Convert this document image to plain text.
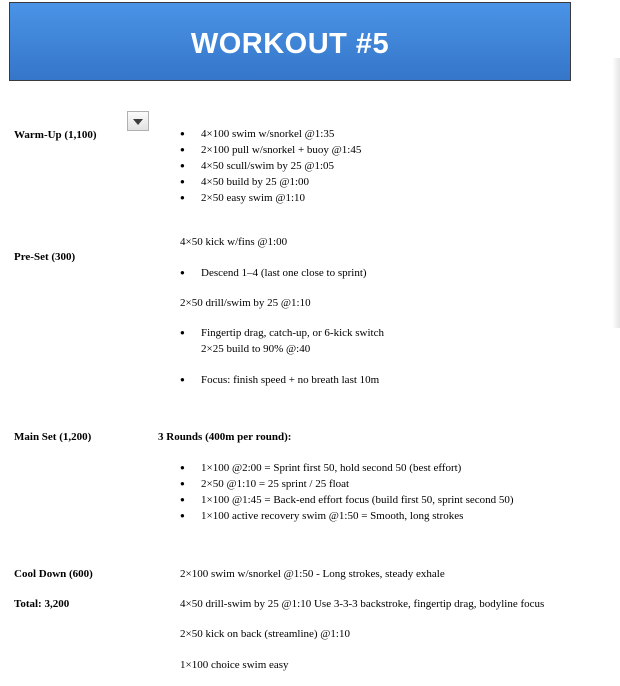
WORKOUT #5
Warm-Up (1,100)
●	4×100 swim w/snorkel @1:35
● 2×100 pull w/snorkel + buoy @1:45
● 4×50 scull/swim by 25 @1:05
● 4×50 build by 25 @1:00
● 2×50 easy swim @1:10
Pre-Set (300)
4×50 kick w/fins @1:00
● Descend 1–4 (last one close to sprint)
2×50 drill/swim by 25 @1:10
● Fingertip drag, catch-up, or 6-kick switch
2×25 build to 90% @:40
● Focus: finish speed + no breath last 10m
Main Set (1,200)	3 Rounds (400m per round):
● 1×100 @2:00 = Sprint first 50, hold second 50 (best effort)
● 2×50 @1:10 = 25 sprint / 25 float
● 1×100 @1:45 = Back-end effort focus (build first 50, sprint second 50)
● 1×100 active recovery swim @1:50 = Smooth, long strokes
Cool Down (600)
Total: 3,200
2×100 swim w/snorkel @1:50 - Long strokes, steady exhale
4×50 drill-swim by 25 @1:10 Use 3-3-3 backstroke, fingertip drag, bodyline focus
2×50 kick on back (streamline) @1:10
1×100 choice swim easy
